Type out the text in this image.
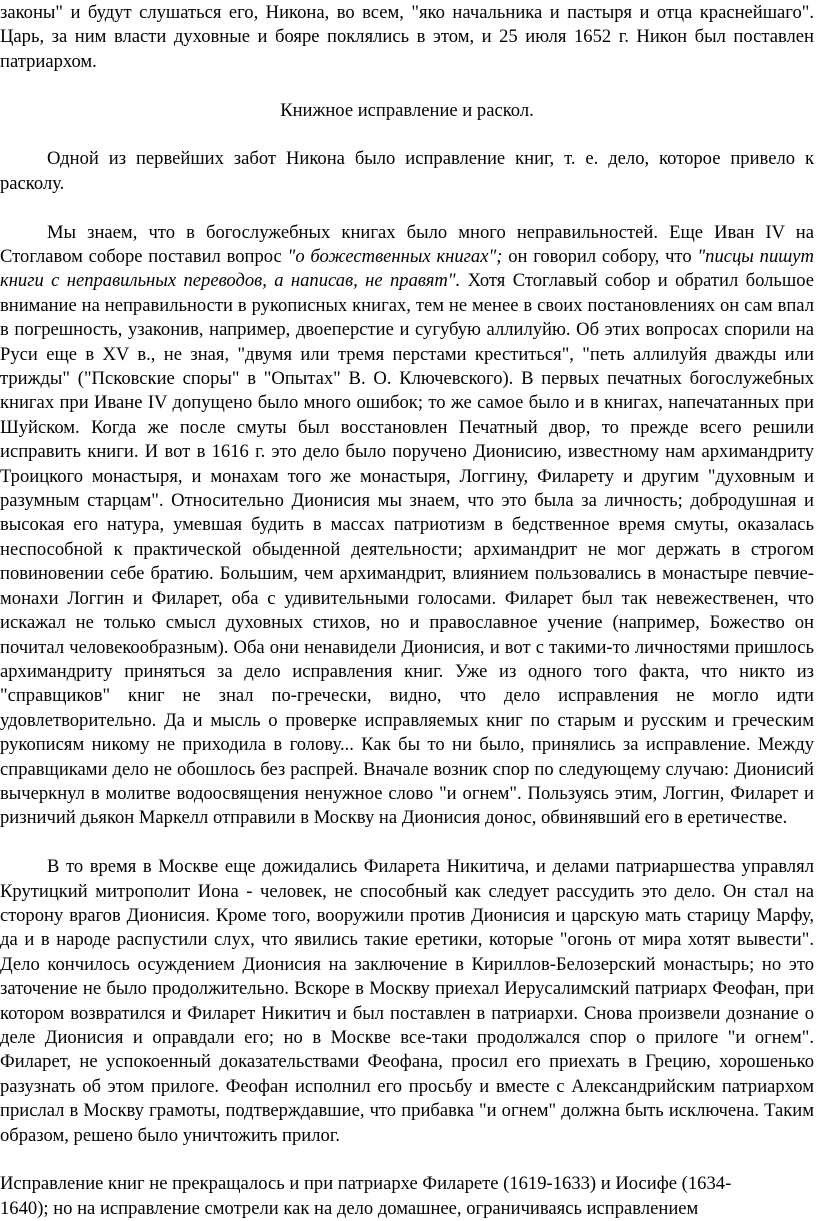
законы" и будут слушаться его, Никона, во всем, "яко начальника и пастыря и отца краснейшаго". Царь, за ним власти духовные и бояре поклялись в этом, и 25 июля 1652 г. Никон был поставлен патриархом.

Книжное исправление и раскол.

Одной из первейших забот Никона было исправление книг, т. е. дело, которое привело к расколу.

Мы знаем, что в богослужебных книгах было много неправильностей. Еще Иван IV на Стоглавом соборе поставил вопрос "о божественных книгах"; он говорил собору, что "писцы пишут книги с неправильных переводов, а написав, не правят". Хотя Стоглавый собор и обратил большое внимание на неправильности в рукописных книгах, тем не менее в своих постановлениях он сам впал в погрешность, узаконив, например, двоеперстие и сугубую аллилуйю. Об этих вопросах спорили на Руси еще в XV в., не зная, "двумя или тремя перстами креститься", "петь аллилуйя дважды или трижды" ("Псковские споры" в "Опытах" В. О. Ключевского). В первых печатных богослужебных книгах при Иване IV допущено было много ошибок; то же самое было и в книгах, напечатанных при Шуйском. Когда же после смуты был восстановлен Печатный двор, то прежде всего решили исправить книги. И вот в 1616 г. это дело было поручено Дионисию, известному нам архимандриту Троицкого монастыря, и монахам того же монастыря, Логгину, Филарету и другим "духовным и разумным старцам". Относительно Дионисия мы знаем, что это была за личность; добродушная и высокая его натура, умевшая будить в массах патриотизм в бедственное время смуты, оказалась неспособной к практической обыденной деятельности; архимандрит не мог держать в строгом повиновении себе братию. Большим, чем архимандрит, влиянием пользовались в монастыре певчие-монахи Логгин и Филарет, оба с удивительными голосами. Филарет был так невежественен, что искажал не только смысл духовных стихов, но и православное учение (например, Божество он почитал человекообразным). Оба они ненавидели Дионисия, и вот с такими-то личностями пришлось архимандриту приняться за дело исправления книг. Уже из одного того факта, что никто из "справщиков" книг не знал по-гречески, видно, что дело исправления не могло идти удовлетворительно. Да и мысль о проверке исправляемых книг по старым и русским и греческим рукописям никому не приходила в голову... Как бы то ни было, принялись за исправление. Между справщиками дело не обошлось без распрей. Вначале возник спор по следующему случаю: Дионисий вычеркнул в молитве водоосвящения ненужное слово "и огнем". Пользуясь этим, Логгин, Филарет и ризничий дьякон Маркелл отправили в Москву на Дионисия донос, обвинявший его в еретичестве.

В то время в Москве еще дожидались Филарета Никитича, и делами патриаршества управлял Крутицкий митрополит Иона - человек, не способный как следует рассудить это дело. Он стал на сторону врагов Дионисия. Кроме того, вооружили против Дионисия и царскую мать старицу Марфу, да и в народе распустили слух, что явились такие еретики, которые "огонь от мира хотят вывести". Дело кончилось осуждением Дионисия на заключение в Кириллов-Белозерский монастырь; но это заточение не было продолжительно. Вскоре в Москву приехал Иерусалимский патриарх Феофан, при котором возвратился и Филарет Никитич и был поставлен в патриархи. Снова произвели дознание о деле Дионисия и оправдали его; но в Москве все-таки продолжался спор о прилоге "и огнем". Филарет, не успокоенный доказательствами Феофана, просил его приехать в Грецию, хорошенько разузнать об этом прилоге. Феофан исполнил его просьбу и вместе с Александрийским патриархом прислал в Москву грамоты, подтверждавшие, что прибавка "и огнем" должна быть исключена. Таким образом, решено было уничтожить прилог.

Исправление книг не прекращалось и при патриархе Филарете (1619-1633) и Иосифе (1634-
1640); но на исправление смотрели как на дело домашнее, ограничиваясь исправлением
